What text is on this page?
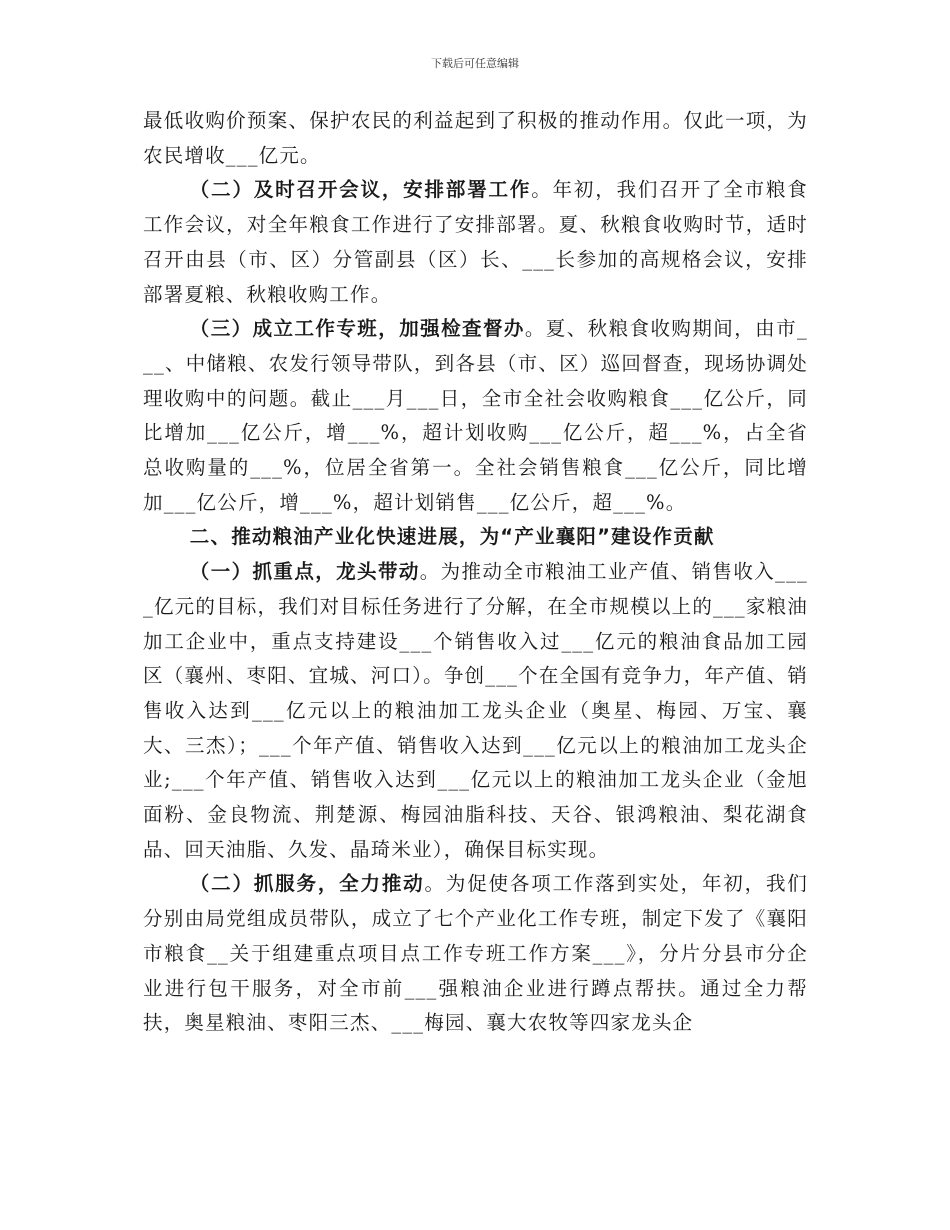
下载后可任意编辑

最低收购价预案、保护农民的利益起到了积极的推动作用。仅此一项，为农民增收___亿元。

（二）及时召开会议，安排部署工作。年初，我们召开了全市粮食工作会议，对全年粮食工作进行了安排部署。夏、秋粮食收购时节，适时召开由县（市、区）分管副县（区）长、___长参加的高规格会议，安排部署夏粮、秋粮收购工作。

（三）成立工作专班，加强检查督办。夏、秋粮食收购期间，由市___、中储粮、农发行领导带队，到各县（市、区）巡回督查，现场协调处理收购中的问题。截止___月___日，全市全社会收购粮食___亿公斤，同比增加___亿公斤，增___%，超计划收购___亿公斤，超___%，占全省总收购量的___%，位居全省第一。全社会销售粮食___亿公斤，同比增加___亿公斤，增___%，超计划销售___亿公斤，超___%。

二、推动粮油产业化快速进展，为“产业襄阳”建设作贡献

（一）抓重点，龙头带动。为推动全市粮油工业产值、销售收入____亿元的目标，我们对目标任务进行了分解，在全市规模以上的___家粮油加工企业中，重点支持建设___个销售收入过___亿元的粮油食品加工园区（襄州、枣阳、宜城、河口）。争创___个在全国有竞争力，年产值、销售收入达到___亿元以上的粮油加工龙头企业（奥星、梅园、万宝、襄大、三杰）；___个年产值、销售收入达到___亿元以上的粮油加工龙头企业;___个年产值、销售收入达到___亿元以上的粮油加工龙头企业（金旭面粉、金良物流、荆楚源、梅园油脂科技、天谷、银鸿粮油、梨花湖食品、回天油脂、久发、晶琦米业），确保目标实现。

（二）抓服务，全力推动。为促使各项工作落到实处，年初，我们分别由局党组成员带队，成立了七个产业化工作专班，制定下发了《襄阳市粮食__关于组建重点项目点工作专班工作方案___》，分片分县市分企业进行包干服务，对全市前___强粮油企业进行蹲点帮扶。通过全力帮扶，奥星粮油、枣阳三杰、___梅园、襄大农牧等四家龙头企
